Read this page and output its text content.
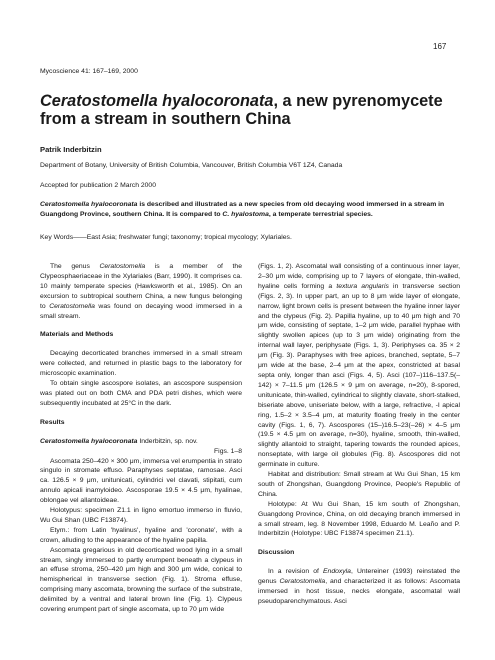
167
Mycoscience 41: 167–169, 2000
Ceratostomella hyalocoronata, a new pyrenomycete from a stream in southern China
Patrik Inderbitzin
Department of Botany, University of British Columbia, Vancouver, British Columbia V6T 1Z4, Canada
Accepted for publication 2 March 2000

Ceratostomella hyalocoronata is described and illustrated as a new species from old decaying wood immersed in a stream in Guangdong Province, southern China. It is compared to C. hyalostoma, a temperate terrestrial species.

Key Words——East Asia; freshwater fungi; taxonomy; tropical mycology; Xylariales.

The genus Ceratostomella is a member of the Clypeosphaeriaceae in the Xylariales (Barr, 1990). It comprises ca. 10 mainly temperate species (Hawksworth et al., 1985). On an excursion to subtropical southern China, a new fungus belonging to Ceratostomella was found on decaying wood immersed in a small stream.

Materials and Methods

Decaying decorticated branches immersed in a small stream were collected, and returned in plastic bags to the laboratory for microscopic examination.

To obtain single ascospore isolates, an ascospore suspension was plated out on both CMA and PDA petri dishes, which were subsequently incubated at 25°C in the dark.

Results

Ceratostomella hyalocoronata Inderbitzin, sp. nov.

Figs. 1–8

Ascomata 250–420 × 300 μm, immersa vel erumpentia in strato singulo in stromate effuso. Paraphyses septatae, ramosae. Asci ca. 126.5 × 9 μm, unitunicati, cylindrici vel clavati, stipitati, cum annulo apicali inamyloideo. Ascosporae 19.5 × 4.5 μm, hyalinae, oblongae vel allantoideae.

Holotypus: specimen Z1.1 in ligno emortuo immerso in fluvio, Wu Gui Shan (UBC F13874).

Etym.: from Latin 'hyalinus', hyaline and 'coronate', with a crown, alluding to the appearance of the hyaline papilla.

Ascomata gregarious in old decorticated wood lying in a small stream, singly immersed to partly erumpent beneath a clypeus in an effuse stroma, 250–420 μm high and 300 μm wide, conical to hemispherical in transverse section (Fig. 1). Stroma effuse, comprising many ascomata, browning the surface of the substrate, delimited by a ventral and lateral brown line (Fig. 1). Clypeus covering erumpent part of single ascomata, up to 70 μm wide

(Figs. 1, 2). Ascomatal wall consisting of a continuous inner layer, 2–30 μm wide, comprising up to 7 layers of elongate, thin-walled, hyaline cells forming a textura angularis in transverse section (Figs. 2, 3). In upper part, an up to 8 μm wide layer of elongate, narrow, light brown cells is present between the hyaline inner layer and the clypeus (Fig. 2). Papilla hyaline, up to 40 μm high and 70 μm wide, consisting of septate, 1–2 μm wide, parallel hyphae with slightly swollen apices (up to 3 μm wide) originating from the internal wall layer, periphysate (Figs. 1, 3). Periphyses ca. 35 × 2 μm (Fig. 3). Paraphyses with free apices, branched, septate, 5–7 μm wide at the base, 2–4 μm at the apex, constricted at basal septa only, longer than asci (Figs. 4, 5). Asci (107–)116–137.5(–142) × 7–11.5 μm (126.5 × 9 μm on average, n=20), 8-spored, unitunicate, thin-walled, cylindrical to slightly clavate, short-stalked, biseriate above, uniseriate below, with a large, refractive, -I apical ring, 1.5–2 × 3.5–4 μm, at maturity floating freely in the center cavity (Figs. 1, 6, 7). Ascospores (15–)16.5–23(–26) × 4–5 μm (19.5 × 4.5 μm on average, n=30), hyaline, smooth, thin-walled, slightly allantoid to straight, tapering towards the rounded apices, nonseptate, with large oil globules (Fig. 8). Ascospores did not germinate in culture.

Habitat and distribution: Small stream at Wu Gui Shan, 15 km south of Zhongshan, Guangdong Province, People's Republic of China.

Holotype: At Wu Gui Shan, 15 km south of Zhongshan, Guangdong Province, China, on old decaying branch immersed in a small stream, leg. 8 November 1998, Eduardo M. Leaño and P. Inderbitzin (Holotype: UBC F13874 specimen Z1.1).

Discussion

In a revision of Endoxyla, Untereiner (1993) reinstated the genus Ceratostomella, and characterized it as follows: Ascomata immersed in host tissue, necks elongate, ascomatal wall pseudoparenchymatous. Asci
